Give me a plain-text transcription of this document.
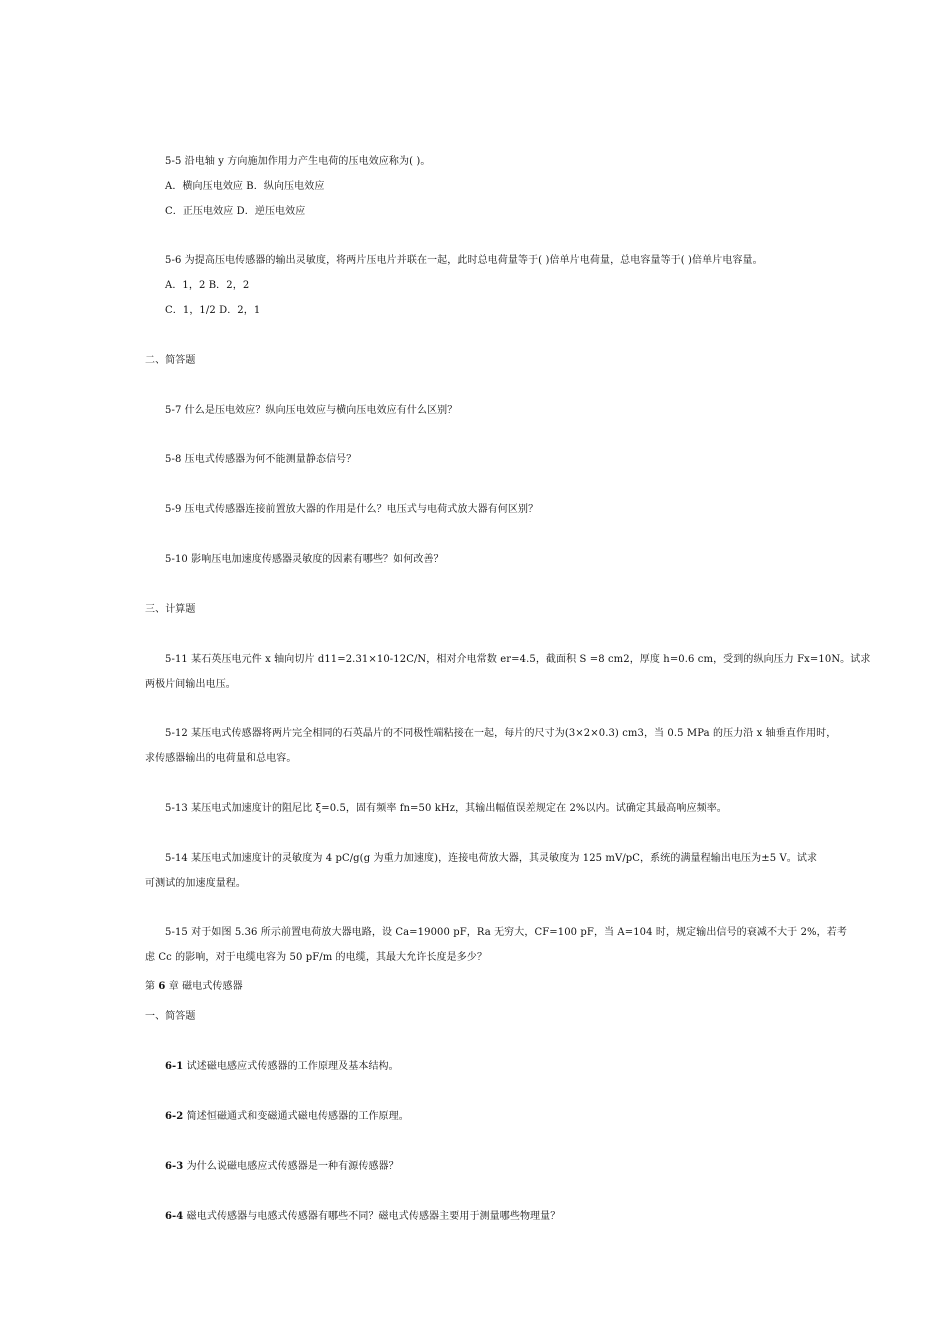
5-5 沿电轴 y 方向施加作用力产生电荷的压电效应称为( )。
A．横向压电效应 B．纵向压电效应
C．正压电效应 D．逆压电效应
5-6 为提高压电传感器的输出灵敏度，将两片压电片并联在一起，此时总电荷量等于( )倍单片电荷量，总电容量等于( )倍单片电容量。
A．1，2 B．2，2
C．1，1/2 D．2，1
二、简答题
5-7 什么是压电效应？纵向压电效应与横向压电效应有什么区别？
5-8 压电式传感器为何不能测量静态信号？
5-9 压电式传感器连接前置放大器的作用是什么？电压式与电荷式放大器有何区别？
5-10 影响压电加速度传感器灵敏度的因素有哪些？如何改善？
三、计算题
5-11 某石英压电元件 x 轴向切片 d11=2.31×10-12C/N，相对介电常数 er=4.5，截面积 S =8 cm2，厚度 h=0.6 cm，受到的纵向压力 Fx=10N。试求
两极片间输出电压。
5-12 某压电式传感器将两片完全相同的石英晶片的不同极性端粘接在一起，每片的尺寸为(3×2×0.3) cm3，当 0.5 MPa 的压力沿 x 轴垂直作用时，
求传感器输出的电荷量和总电容。
5-13 某压电式加速度计的阻尼比 ξ=0.5，固有频率 fn=50 kHz，其输出幅值误差规定在 2%以内。试确定其最高响应频率。
5-14 某压电式加速度计的灵敏度为 4 pC/g(g 为重力加速度)，连接电荷放大器，其灵敏度为 125 mV/pC，系统的满量程输出电压为±5 V。试求
可测试的加速度量程。
5-15 对于如图 5.36 所示前置电荷放大器电路，设 Ca=19000 pF，Ra 无穷大，CF=100 pF，当 A=104 时，规定输出信号的衰减不大于 2%，若考
虑 Cc 的影响，对于电缆电容为 50 pF/m 的电缆，其最大允许长度是多少？
第 6 章 磁电式传感器
一、简答题
6-1 试述磁电感应式传感器的工作原理及基本结构。
6-2 简述恒磁通式和变磁通式磁电传感器的工作原理。
6-3 为什么说磁电感应式传感器是一种有源传感器？
6-4 磁电式传感器与电感式传感器有哪些不同？磁电式传感器主要用于测量哪些物理量？
